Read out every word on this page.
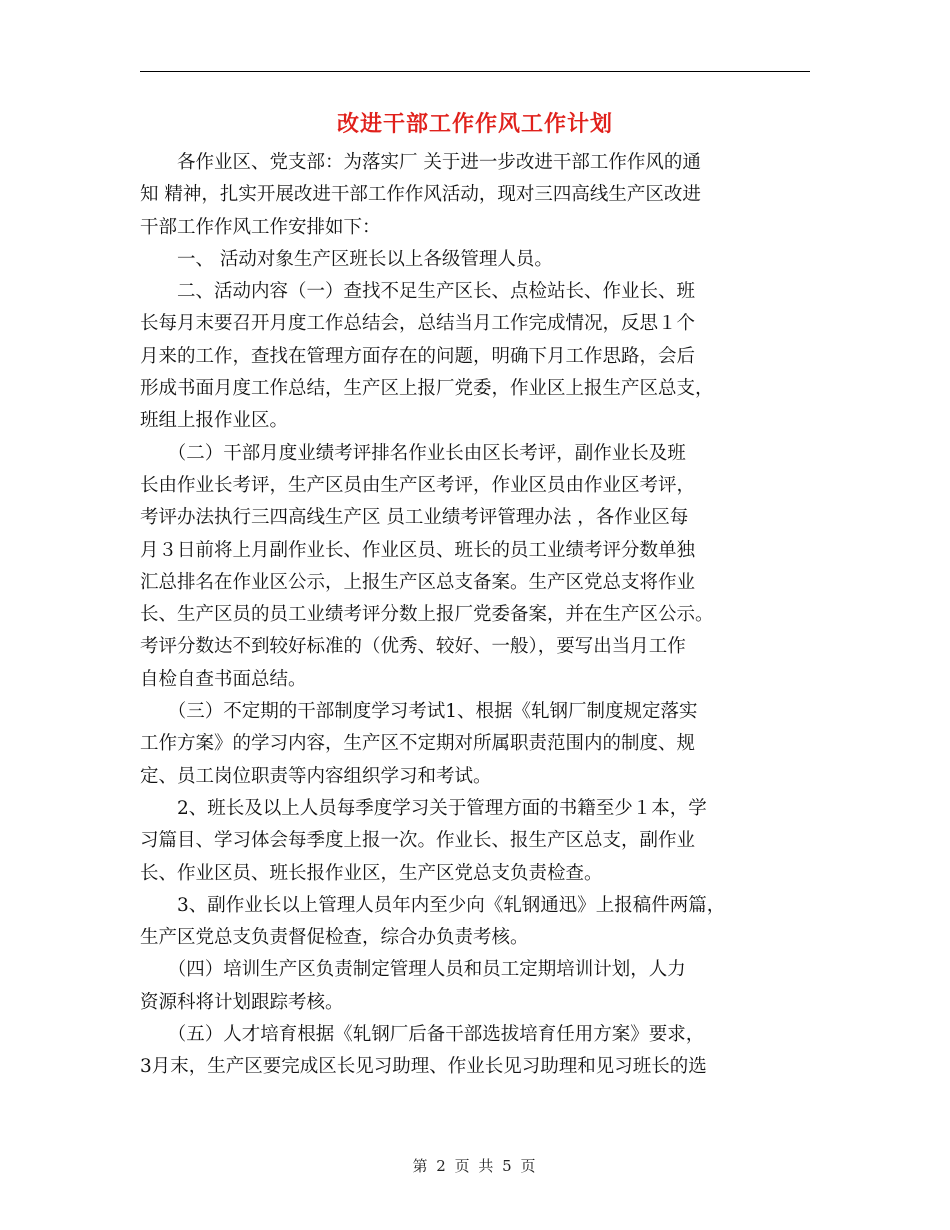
改进干部工作作风工作计划
　　各作业区、党支部：为落实厂 关于进一步改进干部工作作风的通
知 精神，扎实开展改进干部工作作风活动，现对三四高线生产区改进
干部工作作风工作安排如下：
　　一、 活动对象生产区班长以上各级管理人员。
　　二、活动内容（一）查找不足生产区长、点检站长、作业长、班
长每月末要召开月度工作总结会，总结当月工作完成情况，反思１个
月来的工作，查找在管理方面存在的问题，明确下月工作思路，会后
形成书面月度工作总结，生产区上报厂党委，作业区上报生产区总支，
班组上报作业区。
　　（二）干部月度业绩考评排名作业长由区长考评，副作业长及班
长由作业长考评，生产区员由生产区考评，作业区员由作业区考评，
考评办法执行三四高线生产区 员工业绩考评管理办法 ，各作业区每
月３日前将上月副作业长、作业区员、班长的员工业绩考评分数单独
汇总排名在作业区公示，上报生产区总支备案。生产区党总支将作业
长、生产区员的员工业绩考评分数上报厂党委备案，并在生产区公示。
考评分数达不到较好标准的（优秀、较好、一般），要写出当月工作
自检自查书面总结。
　　（三）不定期的干部制度学习考试1、根据《轧钢厂制度规定落实
工作方案》的学习内容，生产区不定期对所属职责范围内的制度、规
定、员工岗位职责等内容组织学习和考试。
　　2、班长及以上人员每季度学习关于管理方面的书籍至少１本，学
习篇目、学习体会每季度上报一次。作业长、报生产区总支，副作业
长、作业区员、班长报作业区，生产区党总支负责检查。
　　3、副作业长以上管理人员年内至少向《轧钢通迅》上报稿件两篇，
生产区党总支负责督促检查，综合办负责考核。
　　（四）培训生产区负责制定管理人员和员工定期培训计划，人力
资源科将计划跟踪考核。
　　（五）人才培育根据《轧钢厂后备干部选拔培育任用方案》要求，
3月末，生产区要完成区长见习助理、作业长见习助理和见习班长的选
第 2 页 共 5 页
